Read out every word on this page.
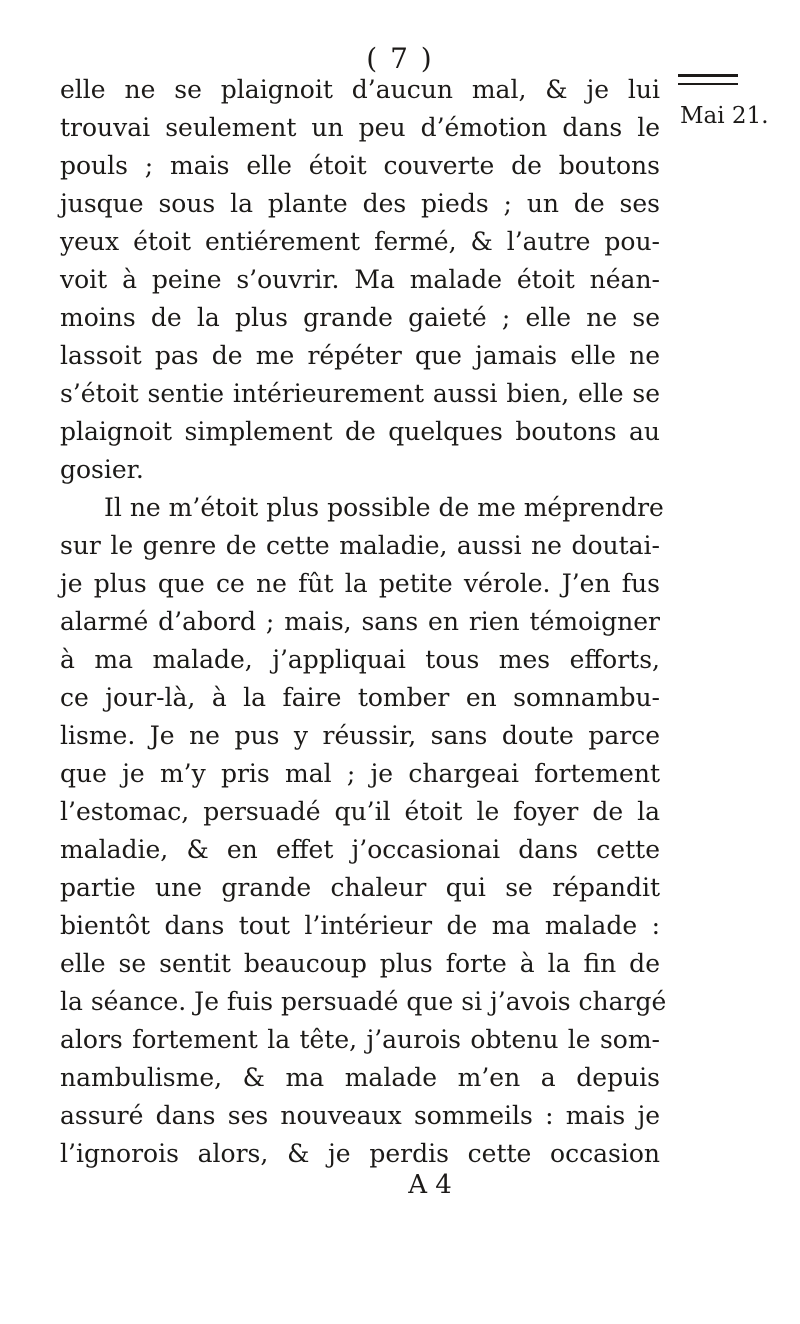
( 7 )
Mai 21.
elle ne se plaignoit d’aucun mal, & je lui
trouvai seulement un peu d’émotion dans le
pouls ; mais elle étoit couverte de boutons
jusque sous la plante des pieds ; un de ses
yeux étoit entiérement fermé, & l’autre pou-
voit à peine s’ouvrir. Ma malade étoit néan-
moins de la plus grande gaieté ; elle ne se
lassoit pas de me répéter que jamais elle ne
s’étoit sentie intérieurement aussi bien, elle se
plaignoit simplement de quelques boutons au
gosier.
Il ne m’étoit plus possible de me méprendre
sur le genre de cette maladie, aussi ne doutai-
je plus que ce ne fût la petite vérole. J’en fus
alarmé d’abord ; mais, sans en rien témoigner
à ma malade, j’appliquai tous mes efforts,
ce jour-là, à la faire tomber en somnambu-
lisme. Je ne pus y réussir, sans doute parce
que je m’y pris mal ; je chargeai fortement
l’estomac, persuadé qu’il étoit le foyer de la
maladie, & en effet j’occasionai dans cette
partie une grande chaleur qui se répandit
bientôt dans tout l’intérieur de ma malade :
elle se sentit beaucoup plus forte à la fin de
la séance. Je fuis persuadé que si j’avois chargé
alors fortement la tête, j’aurois obtenu le som-
nambulisme, & ma malade m’en a depuis
assuré dans ses nouveaux sommeils : mais je
l’ignorois alors, & je perdis cette occasion
A 4
